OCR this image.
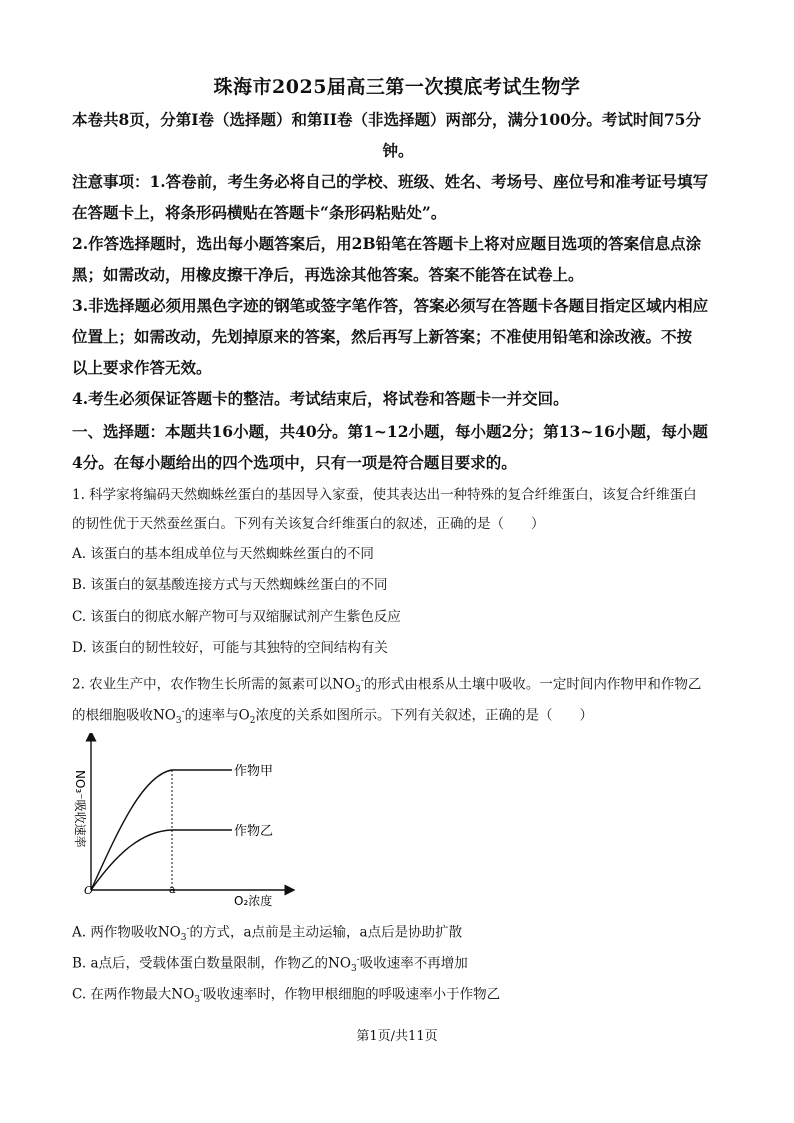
珠海市2025届高三第一次摸底考试生物学
本卷共8页，分第I卷（选择题）和第II卷（非选择题）两部分，满分100分。考试时间75分
钟。
注意事项：1.答卷前，考生务必将自己的学校、班级、姓名、考场号、座位号和准考证号填写
在答题卡上，将条形码横贴在答题卡“条形码粘贴处”。
2.作答选择题时，选出每小题答案后，用2B铅笔在答题卡上将对应题目选项的答案信息点涂
黑；如需改动，用橡皮擦干净后，再选涂其他答案。答案不能答在试卷上。
3.非选择题必须用黑色字迹的钢笔或签字笔作答，答案必须写在答题卡各题目指定区域内相应
位置上；如需改动，先划掉原来的答案，然后再写上新答案；不准使用铅笔和涂改液。不按
以上要求作答无效。
4.考生必须保证答题卡的整洁。考试结束后，将试卷和答题卡一并交回。
一、选择题：本题共16小题，共40分。第1~12小题，每小题2分；第13~16小题，每小题
4分。在每小题给出的四个选项中，只有一项是符合题目要求的。
1. 科学家将编码天然蜘蛛丝蛋白的基因导入家蚕，使其表达出一种特殊的复合纤维蛋白，该复合纤维蛋白
的韧性优于天然蚕丝蛋白。下列有关该复合纤维蛋白的叙述，正确的是（　　）
A. 该蛋白的基本组成单位与天然蜘蛛丝蛋白的不同
B. 该蛋白的氨基酸连接方式与天然蜘蛛丝蛋白的不同
C. 该蛋白的彻底水解产物可与双缩脲试剂产生紫色反应
D. 该蛋白的韧性较好，可能与其独特的空间结构有关
2. 农业生产中，农作物生长所需的氮素可以$NO_3^-$的形式由根系从土壤中吸收。一定时间内作物甲和作物乙
的根细胞吸收$NO_3^-$的速率与$O_2$浓度的关系如图所示。下列有关叙述，正确的是（　　）
作物甲
作物乙
O	a
O₂浓度
NO₃⁻吸收速率
A. 两作物吸收$NO_3^-$的方式，a点前是主动运输，a点后是协助扩散
B. a点后，受载体蛋白数量限制，作物乙的$NO_3^-$吸收速率不再增加
C. 在两作物最大$NO_3^-$吸收速率时，作物甲根细胞的呼吸速率小于作物乙
第1页/共11页
